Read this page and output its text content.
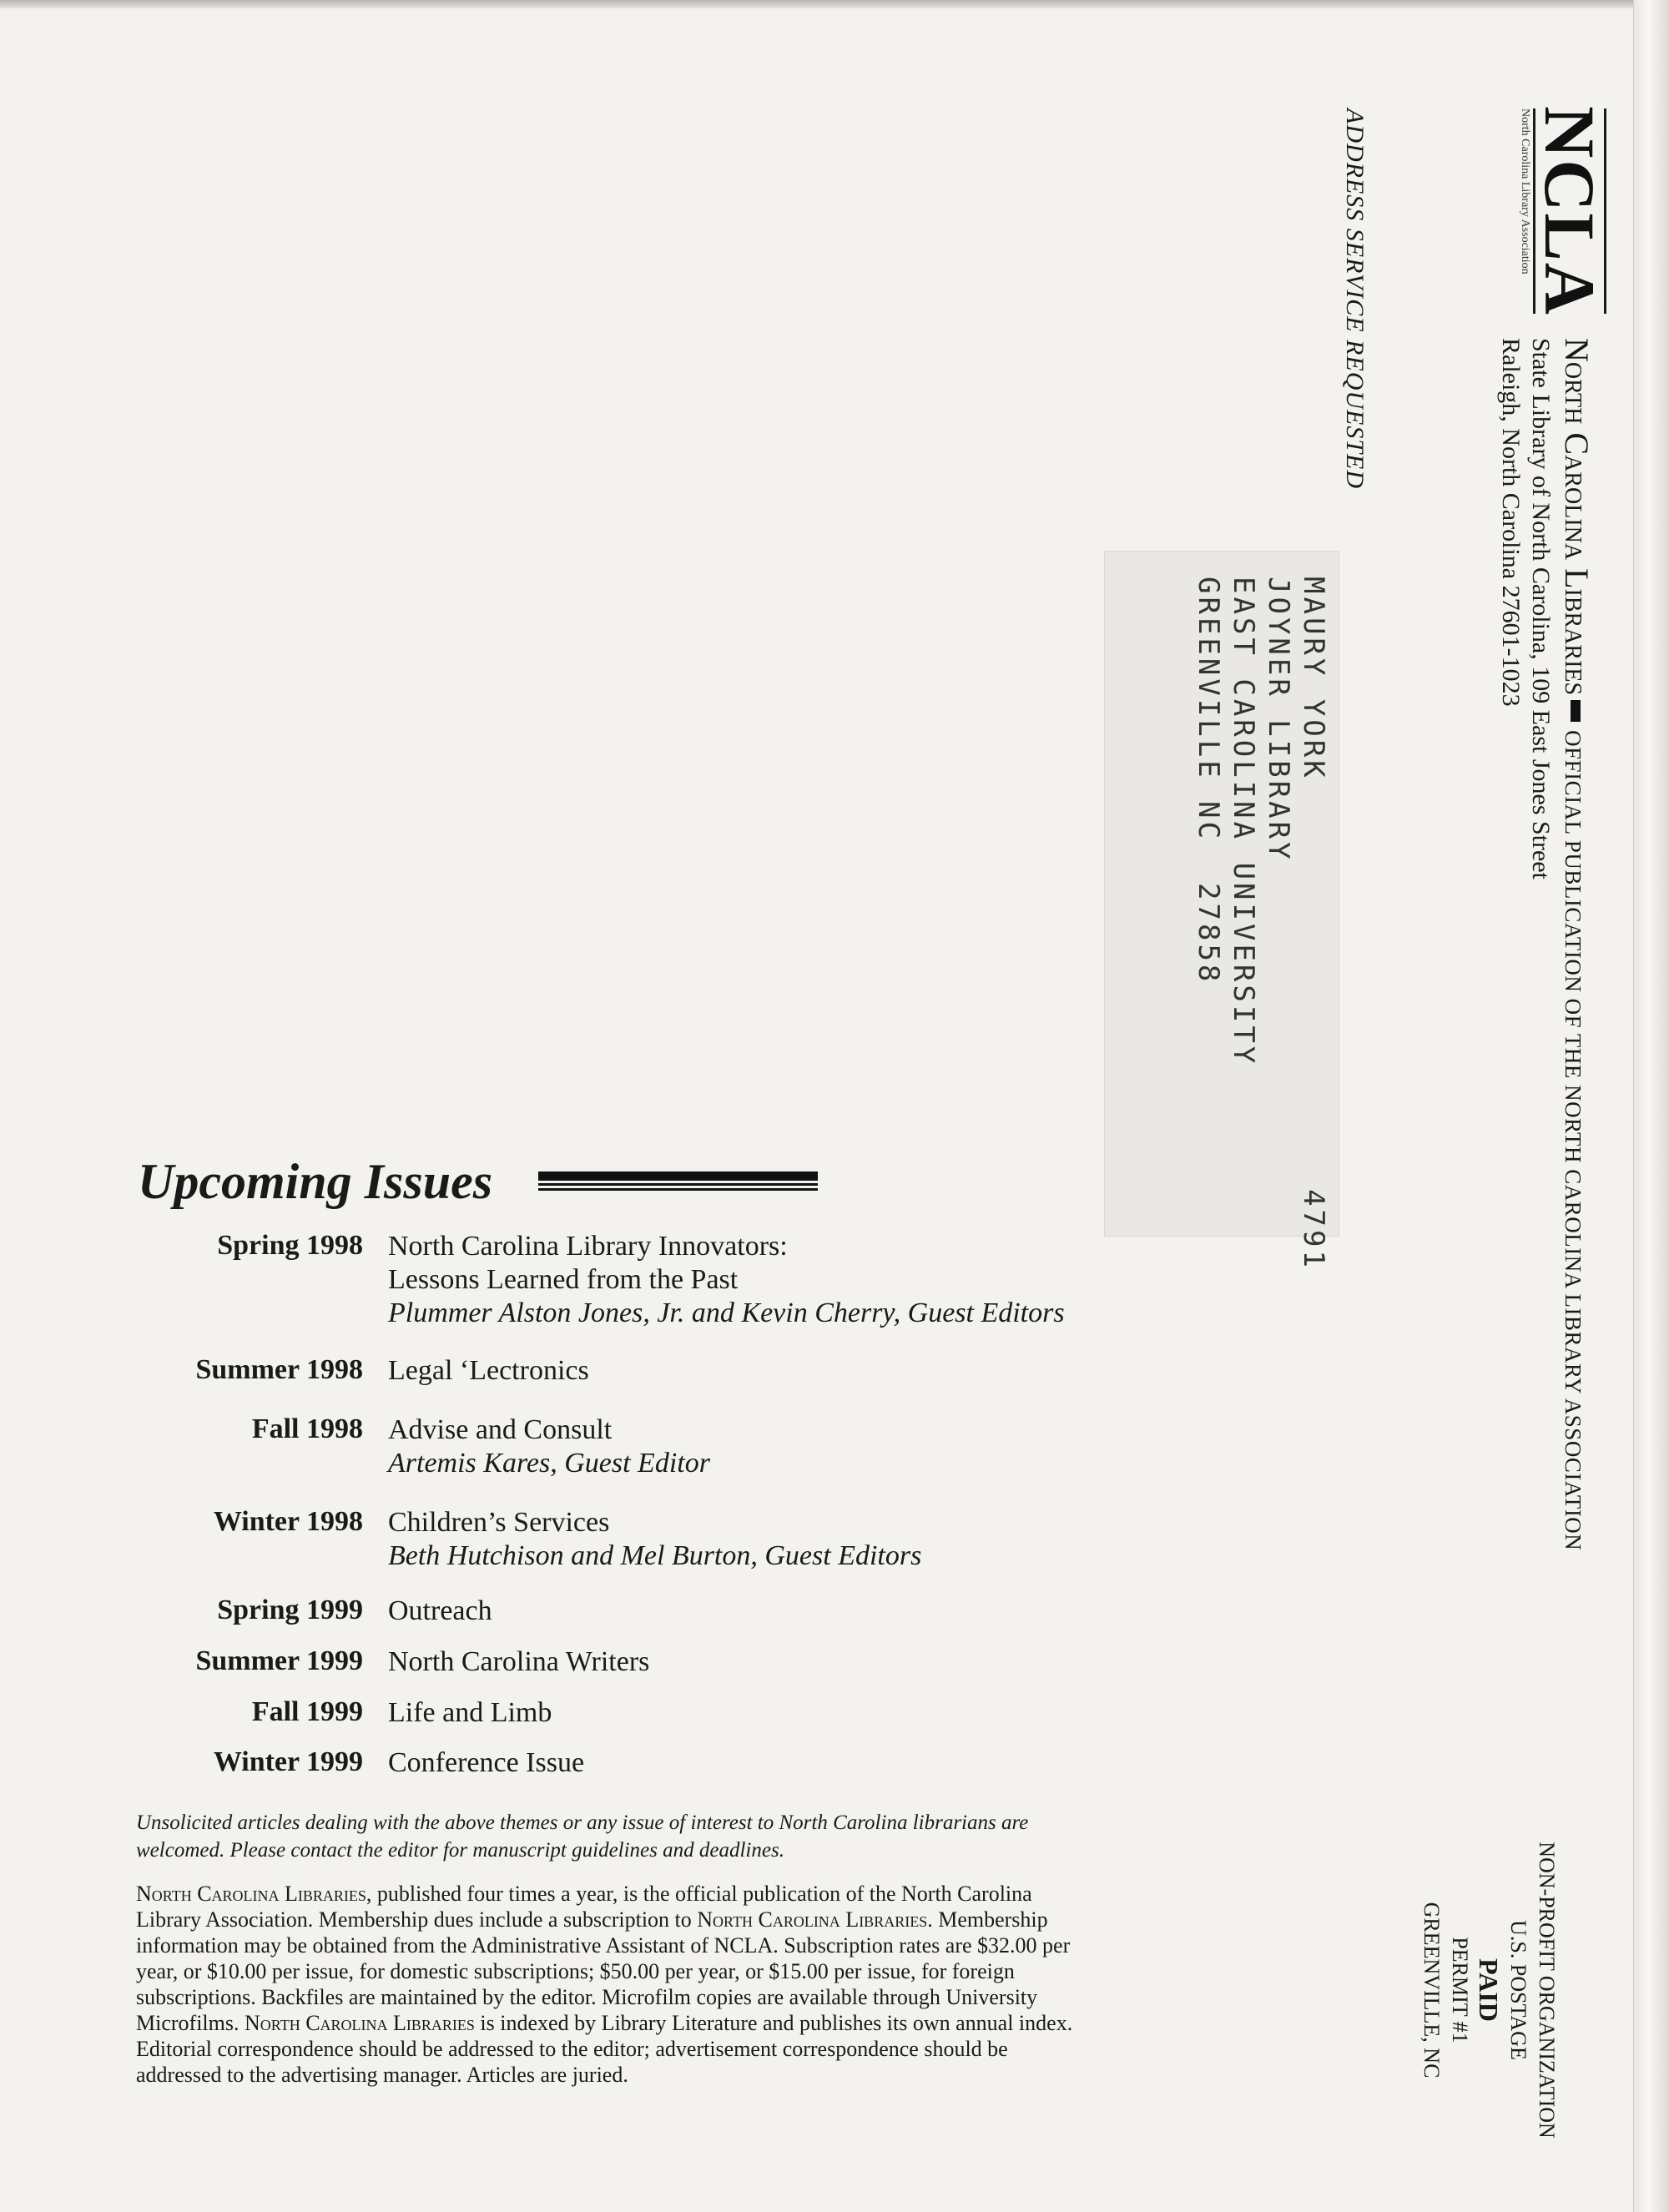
NCLA
North Carolina Library Association
North Carolina LibrariesOFFICIAL PUBLICATION OF THE NORTH CAROLINA LIBRARY ASSOCIATION
State Library of North Carolina, 109 East Jones Street
Raleigh, North Carolina 27601-1023
ADDRESS SERVICE REQUESTED
MAURY YORK                    4791
JOYNER LIBRARY
EAST CAROLINA UNIVERSITY
GREENVILLE NC  27858
NON-PROFIT ORGANIZATION
U.S. POSTAGE
PAID
PERMIT #1
GREENVILLE, NC
Upcoming Issues
Spring 1998 North Carolina Library Innovators:
Lessons Learned from the Past
Plummer Alston Jones, Jr. and Kevin Cherry, Guest Editors
Summer 1998 Legal ‘Lectronics
Fall 1998 Advise and Consult
Artemis Kares, Guest Editor
Winter 1998 Children’s Services
Beth Hutchison and Mel Burton, Guest Editors
Spring 1999 Outreach
Summer 1999 North Carolina Writers
Fall 1999 Life and Limb
Winter 1999 Conference Issue
Unsolicited articles dealing with the above themes or any issue of interest to North Carolina librarians are welcomed. Please contact the editor for manuscript guidelines and deadlines.
North Carolina Libraries, published four times a year, is the official publication of the North Carolina Library Association. Membership dues include a subscription to North Carolina Libraries. Membership information may be obtained from the Administrative Assistant of NCLA. Subscription rates are $32.00 per year, or $10.00 per issue, for domestic subscriptions; $50.00 per year, or $15.00 per issue, for foreign subscriptions. Backfiles are maintained by the editor. Microfilm copies are available through University Microfilms. North Carolina Libraries is indexed by Library Literature and publishes its own annual index. Editorial correspondence should be addressed to the editor; advertisement correspondence should be addressed to the advertising manager. Articles are juried.
